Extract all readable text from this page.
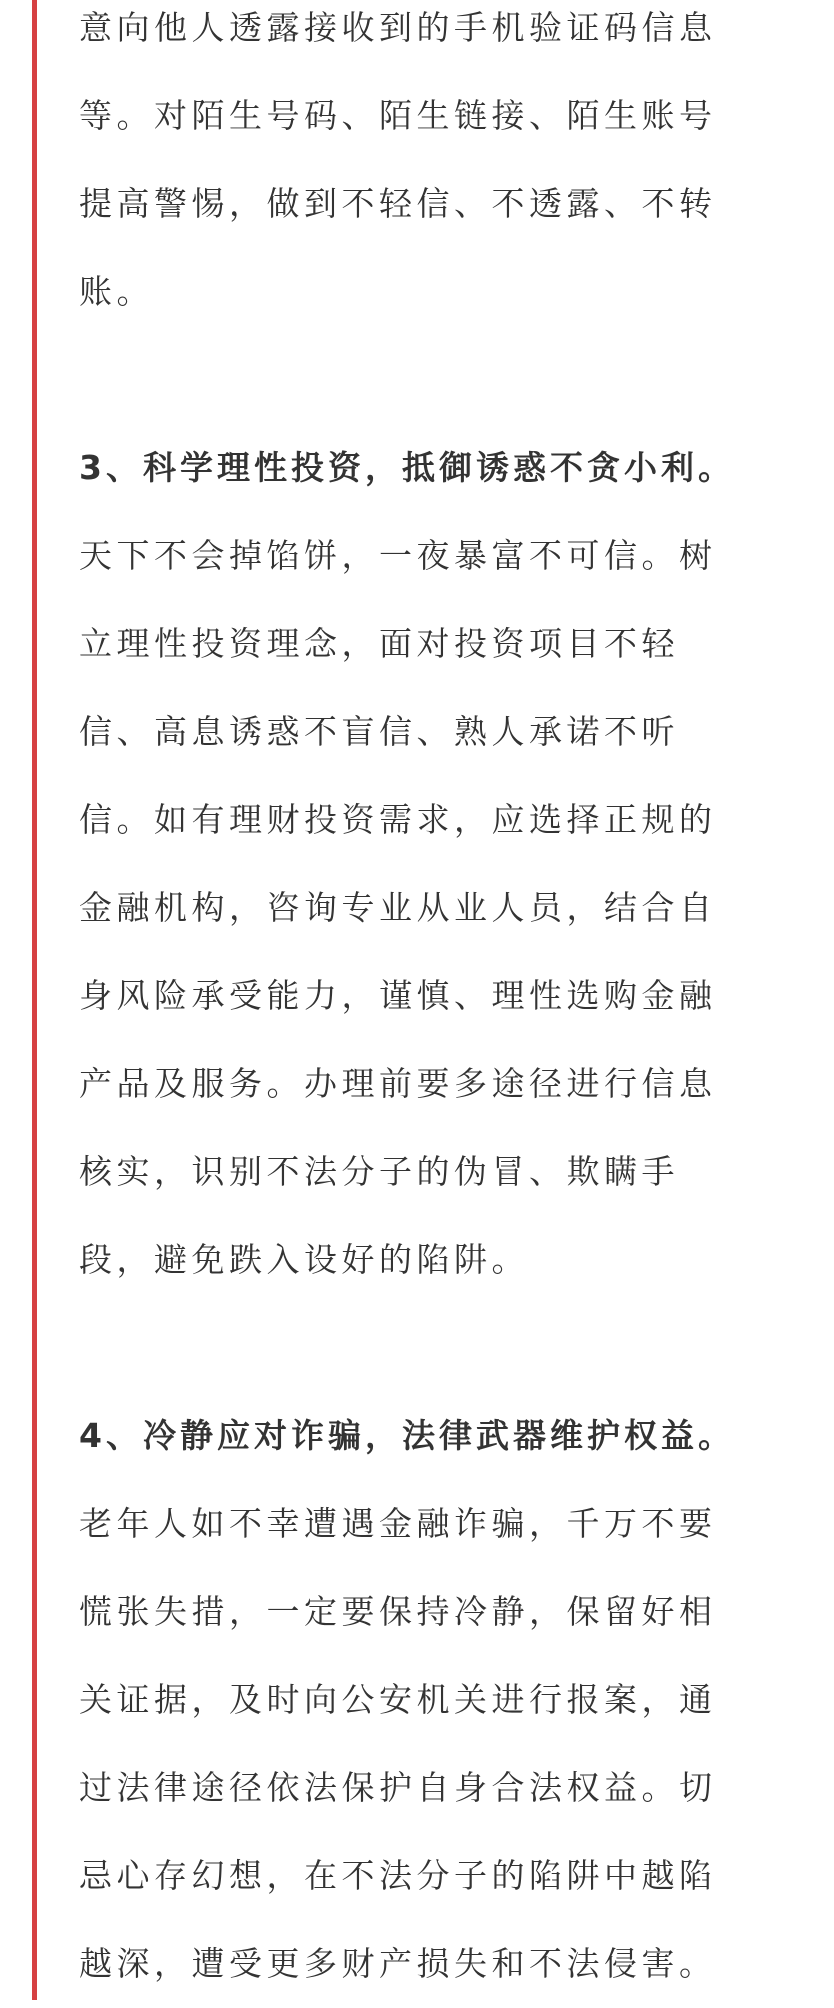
意向他人透露接收到的手机验证码信息
等。对陌生号码、陌生链接、陌生账号
提高警惕，做到不轻信、不透露、不转
账。
3、科学理性投资，抵御诱惑不贪小利。
天下不会掉馅饼，一夜暴富不可信。树
立理性投资理念，面对投资项目不轻
信、高息诱惑不盲信、熟人承诺不听
信。如有理财投资需求，应选择正规的
金融机构，咨询专业从业人员，结合自
身风险承受能力，谨慎、理性选购金融
产品及服务。办理前要多途径进行信息
核实，识别不法分子的伪冒、欺瞒手
段，避免跌入设好的陷阱。
4、冷静应对诈骗，法律武器维护权益。
老年人如不幸遭遇金融诈骗，千万不要
慌张失措，一定要保持冷静，保留好相
关证据，及时向公安机关进行报案，通
过法律途径依法保护自身合法权益。切
忌心存幻想，在不法分子的陷阱中越陷
越深，遭受更多财产损失和不法侵害。
